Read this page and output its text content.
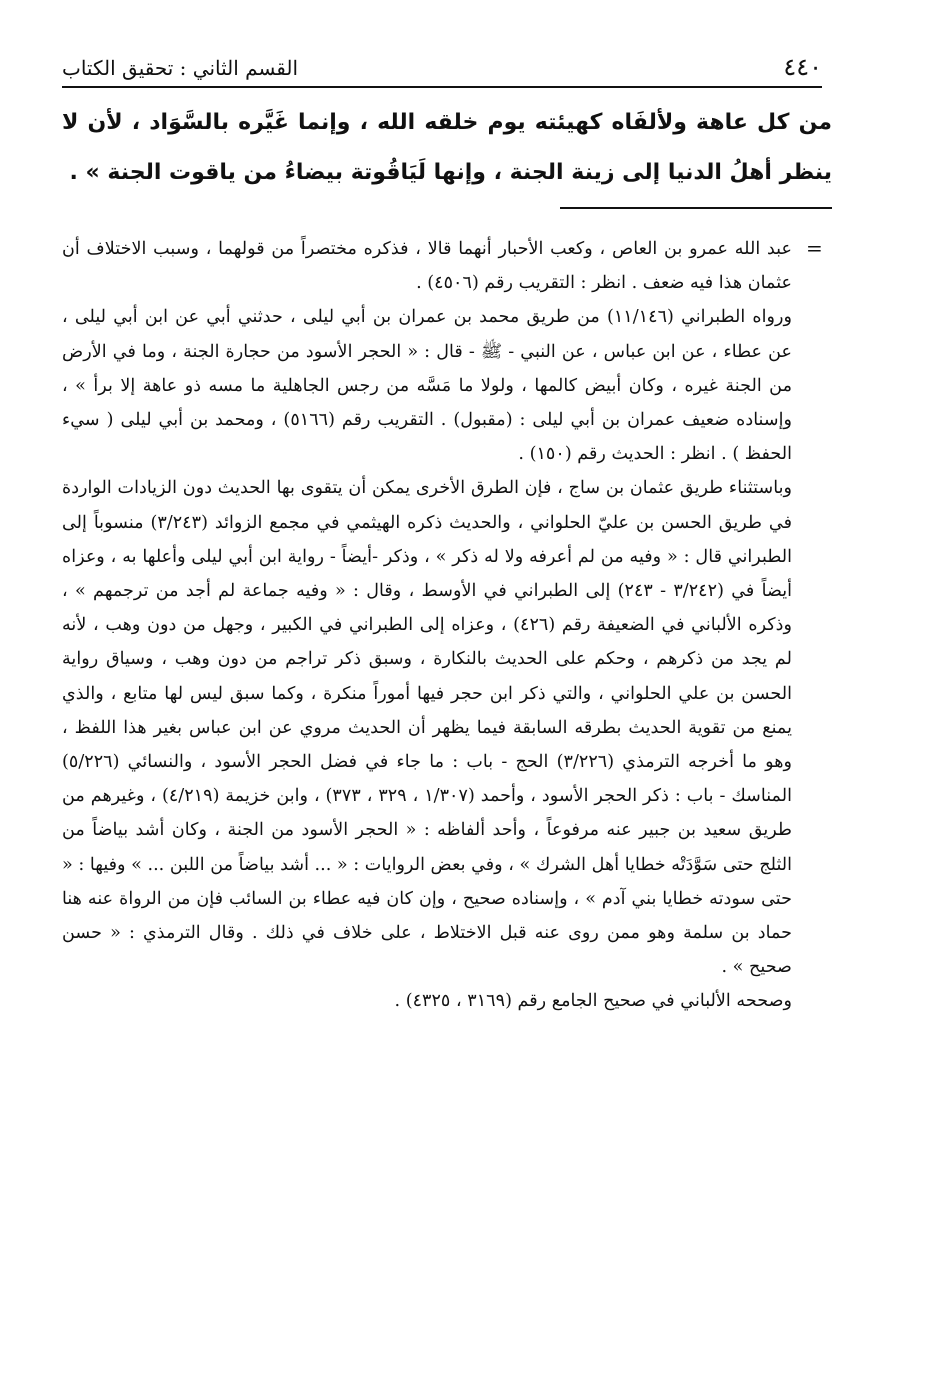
٤٤٠
القسم الثاني : تحقيق الكتاب

من كل عاهة ولألفَاه كهيئته يوم خلقه الله ، وإنما غَيَّره بالسَّوَاد ، لأن لا ينظر أهلُ الدنيا إلى زينة الجنة ، وإنها لَيَاقُوتة بيضاءُ من ياقوت الجنة » .

=

عبد الله عمرو بن العاص ، وكعب الأحبار أنهما قالا ، فذكره مختصراً من قولهما ، وسبب الاختلاف أن عثمان هذا فيه ضعف . انظر : التقريب رقم (٤٥٠٦) .

ورواه الطبراني (١١/١٤٦) من طريق محمد بن عمران بن أبي ليلى ، حدثني أبي عن ابن أبي ليلى ، عن عطاء ، عن ابن عباس ، عن النبي - ﷺ - قال : « الحجر الأسود من حجارة الجنة ، وما في الأرض من الجنة غيره ، وكان أبيض كالمها ، ولولا ما مَسَّه من رجس الجاهلية ما مسه ذو عاهة إلا برأ » ، وإسناده ضعيف عمران بن أبي ليلى : (مقبول) . التقريب رقم (٥١٦٦) ، ومحمد بن أبي ليلى ( سيء الحفظ ) . انظر : الحديث رقم (١٥٠) .

وباستثناء طريق عثمان بن ساج ، فإن الطرق الأخرى يمكن أن يتقوى بها الحديث دون الزيادات الواردة في طريق الحسن بن عليّ الحلواني ، والحديث ذكره الهيثمي في مجمع الزوائد (٣/٢٤٣) منسوباً إلى الطبراني قال : « وفيه من لم أعرفه ولا له ذكر » ، وذكر -أيضاً - رواية ابن أبي ليلى وأعلها به ، وعزاه أيضاً في (٣/٢٤٢ - ٢٤٣) إلى الطبراني في الأوسط ، وقال : « وفيه جماعة لم أجد من ترجمهم » ، وذكره الألباني في الضعيفة رقم (٤٢٦) ، وعزاه إلى الطبراني في الكبير ، وجهل من دون وهب ، لأنه لم يجد من ذكرهم ، وحكم على الحديث بالنكارة ، وسبق ذكر تراجم من دون وهب ، وسياق رواية الحسن بن علي الحلواني ، والتي ذكر ابن حجر فيها أموراً منكرة ، وكما سبق ليس لها متابع ، والذي يمنع من تقوية الحديث بطرقه السابقة فيما يظهر أن الحديث مروي عن ابن عباس بغير هذا اللفظ ، وهو ما أخرجه الترمذي (٣/٢٢٦) الحج - باب : ما جاء في فضل الحجر الأسود ، والنسائي (٥/٢٢٦) المناسك - باب : ذكر الحجر الأسود ، وأحمد (١/٣٠٧ ، ٣٢٩ ، ٣٧٣) ، وابن خزيمة (٤/٢١٩) ، وغيرهم من طريق سعيد بن جبير عنه مرفوعاً ، وأحد ألفاظه : « الحجر الأسود من الجنة ، وكان أشد بياضاً من الثلج حتى سَوَّدَتْه خطايا أهل الشرك » ، وفي بعض الروايات : « ... أشد بياضاً من اللبن ... » وفيها : « حتى سودته خطايا بني آدم » ، وإسناده صحيح ، وإن كان فيه عطاء بن السائب فإن من الرواة عنه هنا حماد بن سلمة وهو ممن روى عنه قبل الاختلاط ، على خلاف في ذلك . وقال الترمذي : « حسن صحيح » .

وصححه الألباني في صحيح الجامع رقم (٣١٦٩ ، ٤٣٢٥) .
